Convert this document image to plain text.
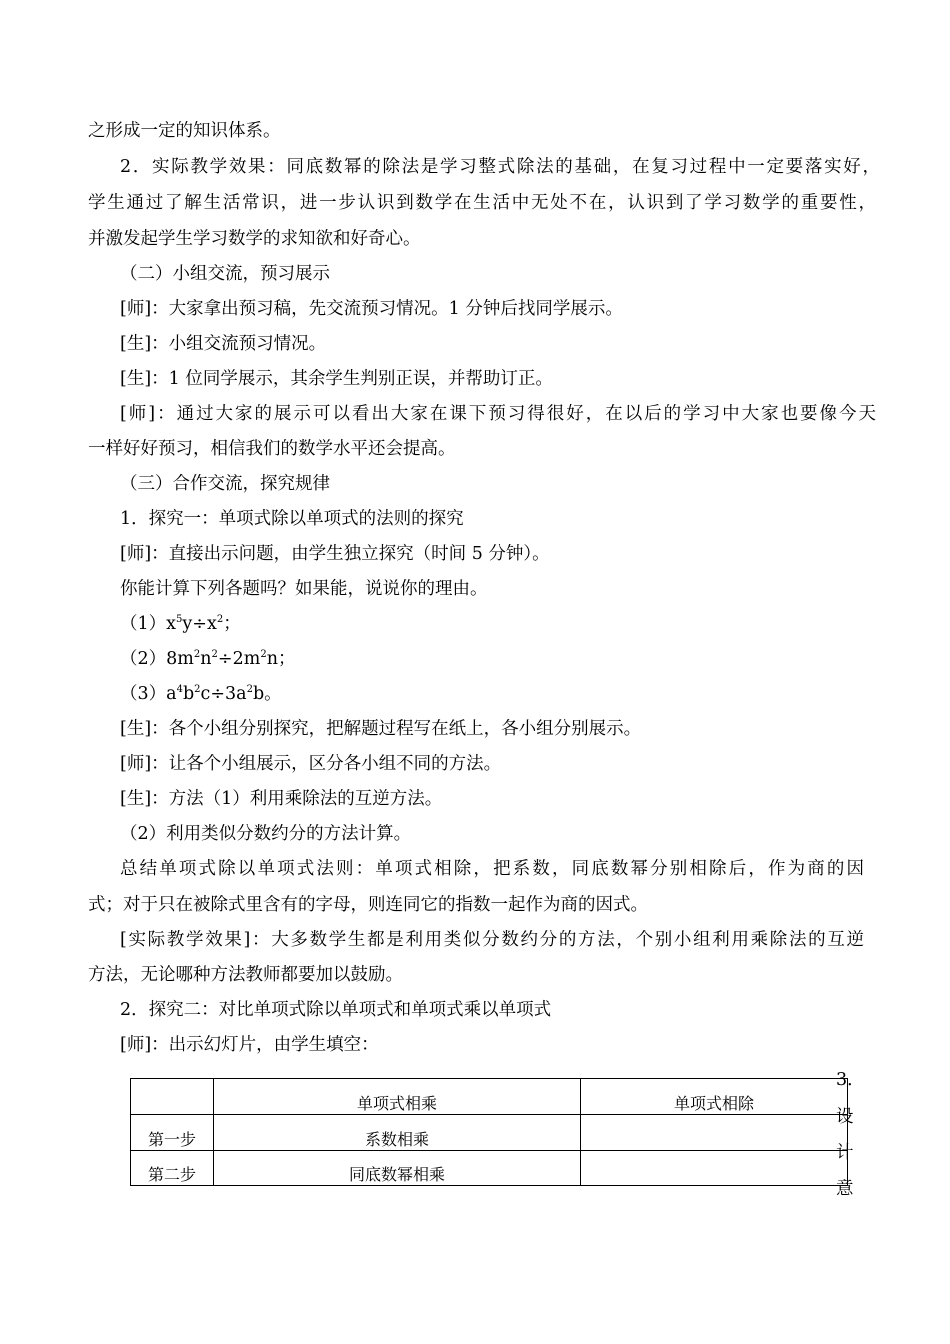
之形成一定的知识体系。
2．实际教学效果：同底数幂的除法是学习整式除法的基础，在复习过程中一定要落实好，
学生通过了解生活常识，进一步认识到数学在生活中无处不在，认识到了学习数学的重要性，
并激发起学生学习数学的求知欲和好奇心。
（二）小组交流，预习展示
[师]：大家拿出预习稿，先交流预习情况。1 分钟后找同学展示。
[生]：小组交流预习情况。
[生]：1 位同学展示，其余学生判别正误，并帮助订正。
[师]：通过大家的展示可以看出大家在课下预习得很好，在以后的学习中大家也要像今天
一样好好预习，相信我们的数学水平还会提高。
（三）合作交流，探究规律
1．探究一：单项式除以单项式的法则的探究
[师]：直接出示问题，由学生独立探究（时间 5 分钟）。
你能计算下列各题吗？如果能，说说你的理由。
$(1)x^5y\div x^2$；
$(2)8m^2n^2\div 2m^2n$；
$(3)a^4b^2c\div 3a^2b$。
[生]：各个小组分别探究，把解题过程写在纸上，各小组分别展示。
[师]：让各个小组展示，区分各小组不同的方法。
[生]：方法（1）利用乘除法的互逆方法。
（2）利用类似分数约分的方法计算。
总结单项式除以单项式法则：单项式相除，把系数，同底数幂分别相除后，作为商的因
式；对于只在被除式里含有的字母，则连同它的指数一起作为商的因式。
[实际教学效果]：大多数学生都是利用类似分数约分的方法，个别小组利用乘除法的互逆
方法，无论哪种方法教师都要加以鼓励。
2．探究二：对比单项式除以单项式和单项式乘以单项式
[师]：出示幻灯片，由学生填空：
	单项式相乘	单项式相除
第一步	系数相乘	
第二步	同底数幂相乘	
3．
设
计
意
